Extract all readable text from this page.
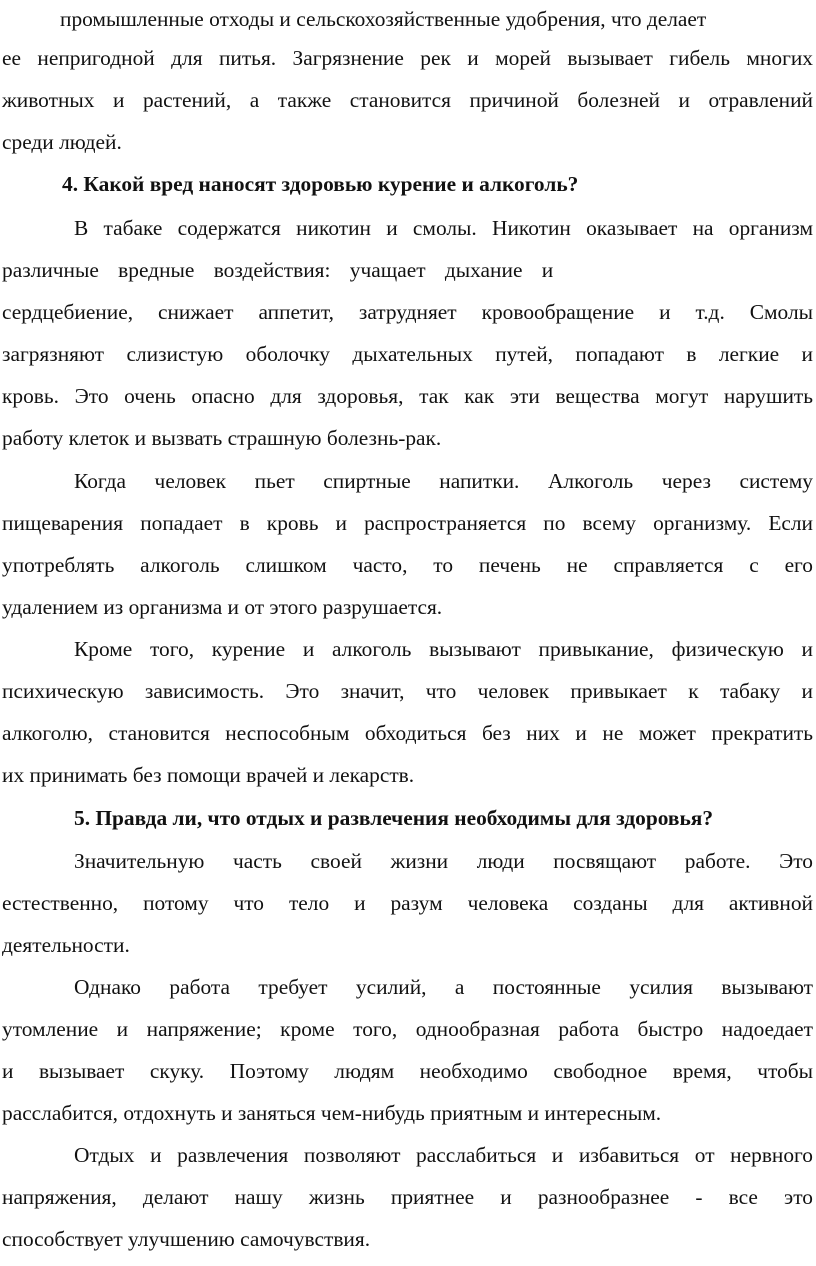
промышленные отходы и сельскохозяйственные удобрения, что делает
ее непригодной для питья. Загрязнение рек и морей вызывает гибель многих
животных и растений, а также становится причиной болезней и отравлений
среди людей.
4. Какой вред наносят здоровью курение и алкоголь?
В табаке содержатся никотин и смолы. Никотин оказывает на организм
различные вредные воздействия: учащает дыхание и
сердцебиение, снижает аппетит, затрудняет кровообращение и т.д. Смолы
загрязняют слизистую оболочку дыхательных путей, попадают в легкие и
кровь. Это очень опасно для здоровья, так как эти вещества могут нарушить
работу клеток и вызвать страшную болезнь-рак.
Когда человек пьет спиртные напитки. Алкоголь через систему
пищеварения попадает в кровь и распространяется по всему организму. Если
употреблять алкоголь слишком часто, то печень не справляется с его
удалением из организма и от этого разрушается.
Кроме того, курение и алкоголь вызывают привыкание, физическую и
психическую зависимость. Это значит, что человек привыкает к табаку и
алкоголю, становится неспособным обходиться без них и не может прекратить
их принимать без помощи врачей и лекарств.
5. Правда ли, что отдых и развлечения необходимы для здоровья?
Значительную часть своей жизни люди посвящают работе. Это
естественно, потому что тело и разум человека созданы для активной
деятельности.
Однако работа требует усилий, а постоянные усилия вызывают
утомление и напряжение; кроме того, однообразная работа быстро надоедает
и вызывает скуку. Поэтому людям необходимо свободное время, чтобы
расслабится, отдохнуть и заняться чем-нибудь приятным и интересным.
Отдых и развлечения позволяют расслабиться и избавиться от нервного
напряжения, делают нашу жизнь приятнее и разнообразнее - все это
способствует улучшению самочувствия.
